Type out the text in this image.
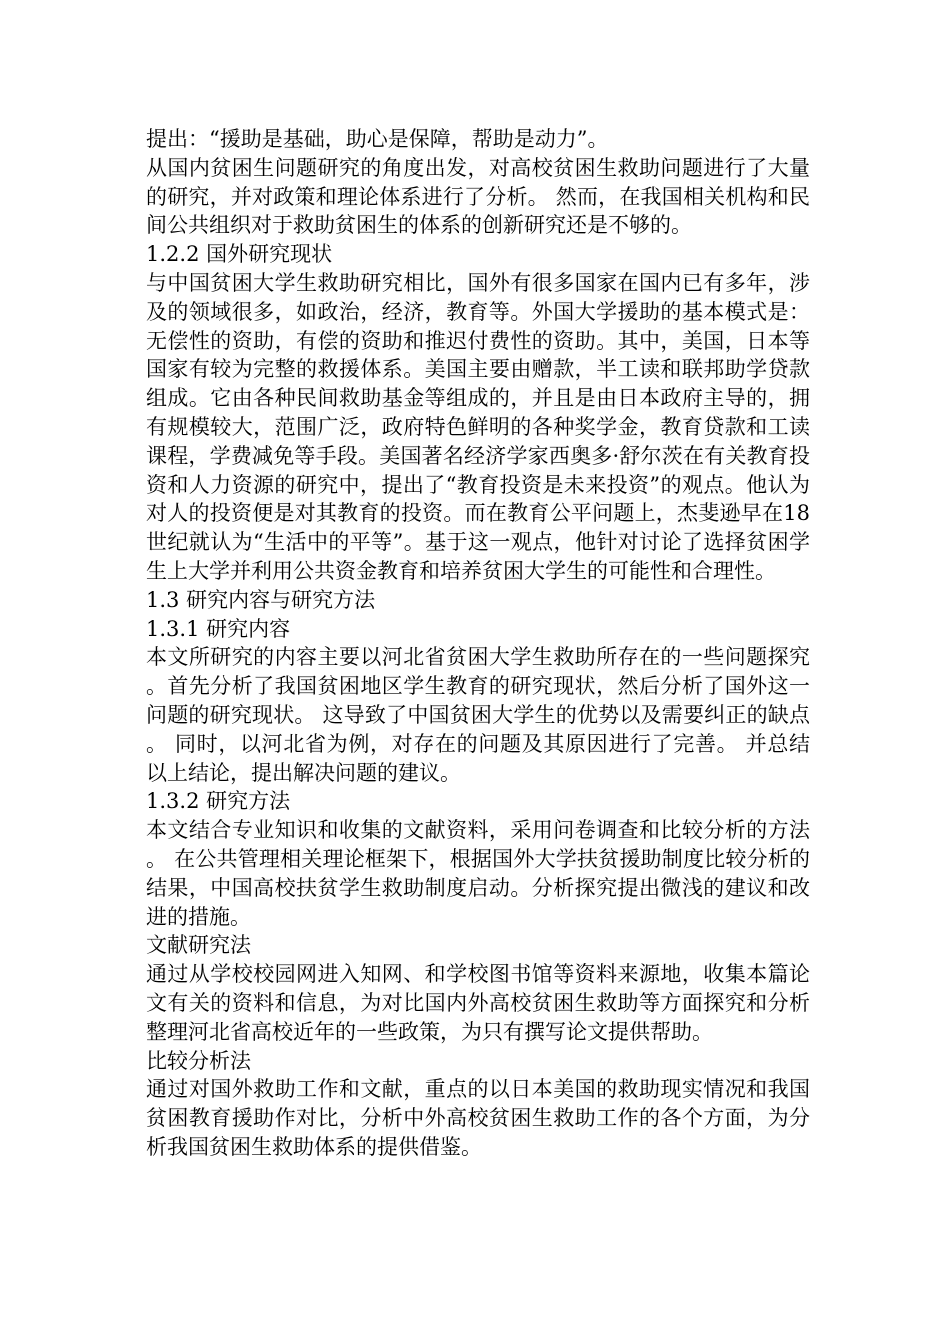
提出：“援助是基础，助心是保障，帮助是动力”。

从国内贫困生问题研究的角度出发，对高校贫困生救助问题进行了大量的研究，并对政策和理论体系进行了分析。 然而，在我国相关机构和民间公共组织对于救助贫困生的体系的创新研究还是不够的。

1.2.2 国外研究现状

与中国贫困大学生救助研究相比，国外有很多国家在国内已有多年，涉及的领域很多，如政治，经济，教育等。外国大学援助的基本模式是：无偿性的资助，有偿的资助和推迟付费性的资助。其中，美国，日本等国家有较为完整的救援体系。美国主要由赠款，半工读和联邦助学贷款组成。它由各种民间救助基金等组成的，并且是由日本政府主导的，拥有规模较大，范围广泛，政府特色鲜明的各种奖学金，教育贷款和工读课程，学费减免等手段。美国著名经济学家西奥多·舒尔茨在有关教育投资和人力资源的研究中，提出了“教育投资是未来投资”的观点。他认为对人的投资便是对其教育的投资。而在教育公平问题上，杰斐逊早在18世纪就认为“生活中的平等”。基于这一观点，他针对讨论了选择贫困学生上大学并利用公共资金教育和培养贫困大学生的可能性和合理性。

1.3 研究内容与研究方法
1.3.1 研究内容

本文所研究的内容主要以河北省贫困大学生救助所存在的一些问题探究。首先分析了我国贫困地区学生教育的研究现状，然后分析了国外这一问题的研究现状。 这导致了中国贫困大学生的优势以及需要纠正的缺点。 同时，以河北省为例，对存在的问题及其原因进行了完善。 并总结以上结论，提出解决问题的建议。

1.3.2 研究方法

本文结合专业知识和收集的文献资料，采用问卷调查和比较分析的方法。 在公共管理相关理论框架下，根据国外大学扶贫援助制度比较分析的结果，中国高校扶贫学生救助制度启动。分析探究提出微浅的建议和改进的措施。

文献研究法

通过从学校校园网进入知网、和学校图书馆等资料来源地，收集本篇论文有关的资料和信息，为对比国内外高校贫困生救助等方面探究和分析整理河北省高校近年的一些政策，为只有撰写论文提供帮助。

比较分析法

通过对国外救助工作和文献，重点的以日本美国的救助现实情况和我国贫困教育援助作对比，分析中外高校贫困生救助工作的各个方面，为分析我国贫困生救助体系的提供借鉴。
